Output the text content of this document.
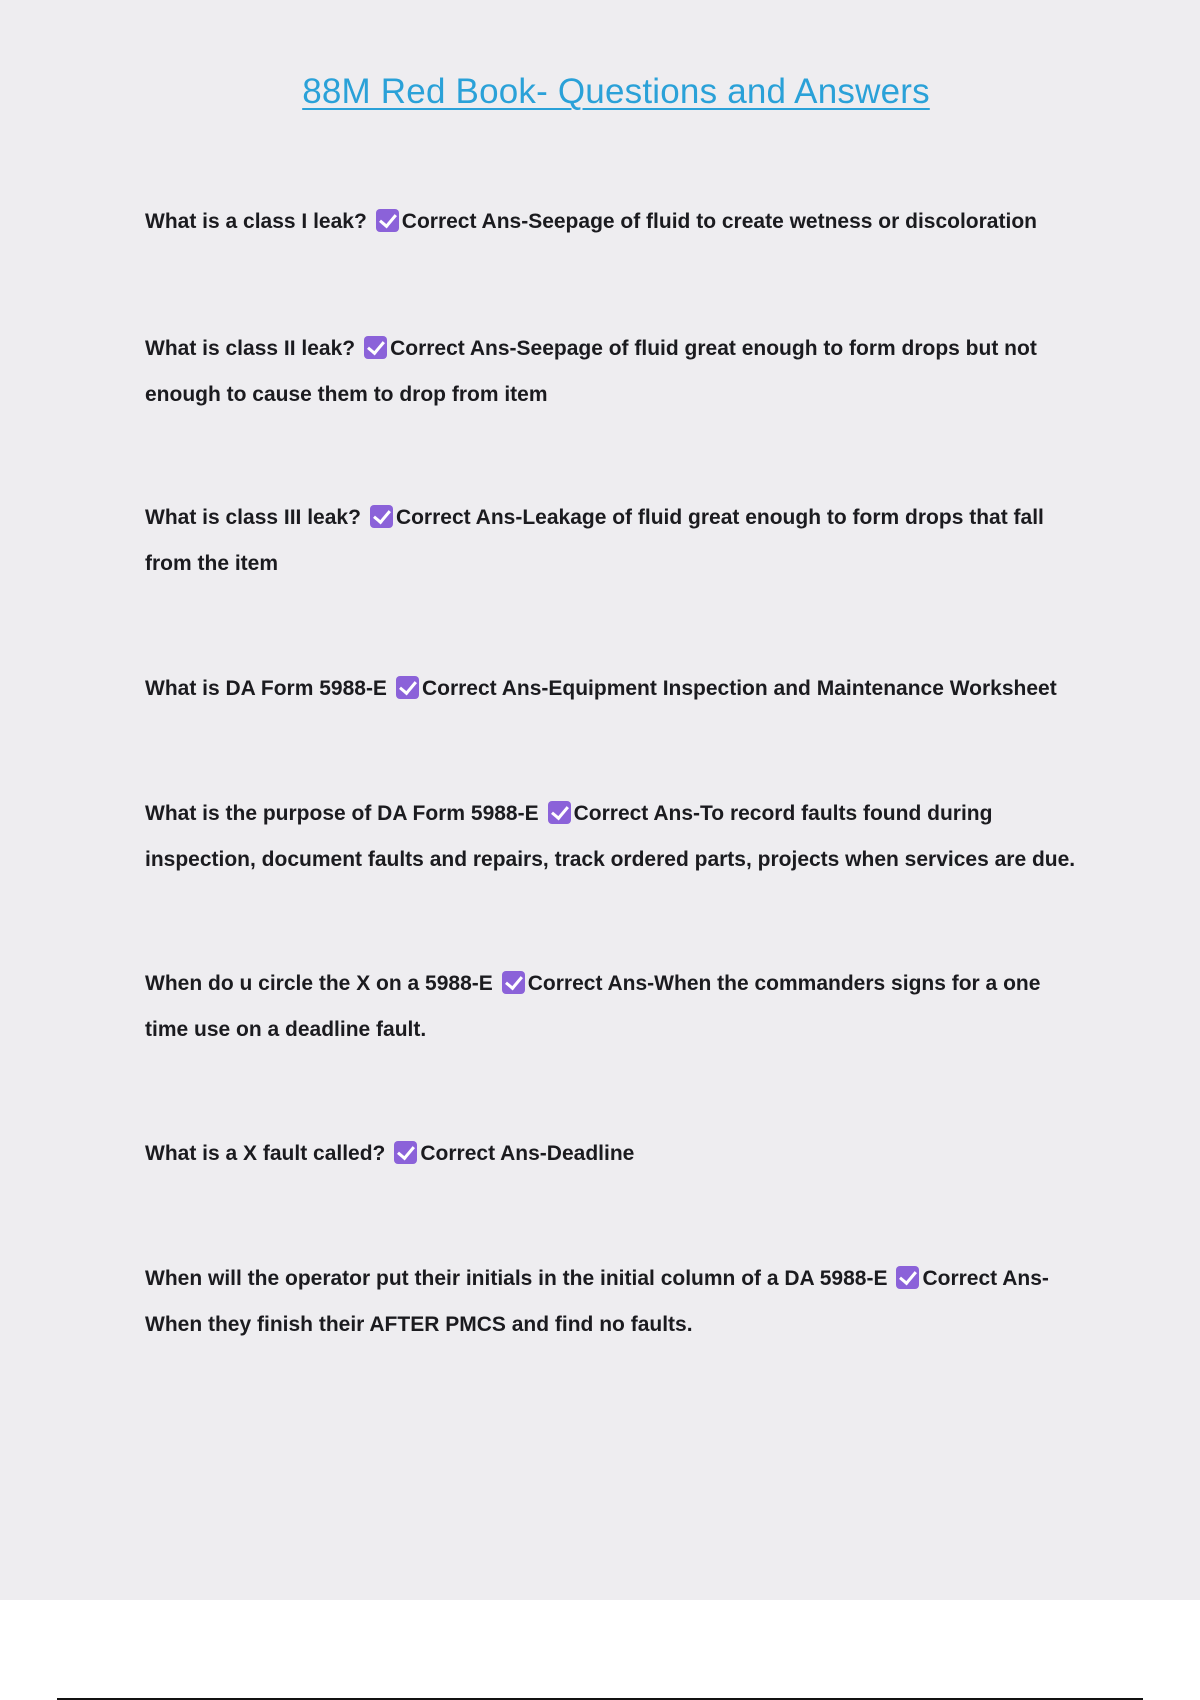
88M Red Book- Questions and Answers
What is a class I leak? Correct Ans-Seepage of fluid to create wetness or discoloration
What is class II leak? Correct Ans-Seepage of fluid great enough to form drops but not enough to cause them to drop from item
What is class III leak? Correct Ans-Leakage of fluid great enough to form drops that fall from the item
What is DA Form 5988-E Correct Ans-Equipment Inspection and Maintenance Worksheet
What is the purpose of DA Form 5988-E Correct Ans-To record faults found during inspection, document faults and repairs, track ordered parts, projects when services are due.
When do u circle the X on a 5988-E Correct Ans-When the commanders signs for a one time use on a deadline fault.
What is a X fault called? Correct Ans-Deadline
When will the operator put their initials in the initial column of a DA 5988-E Correct Ans-When they finish their AFTER PMCS and find no faults.
